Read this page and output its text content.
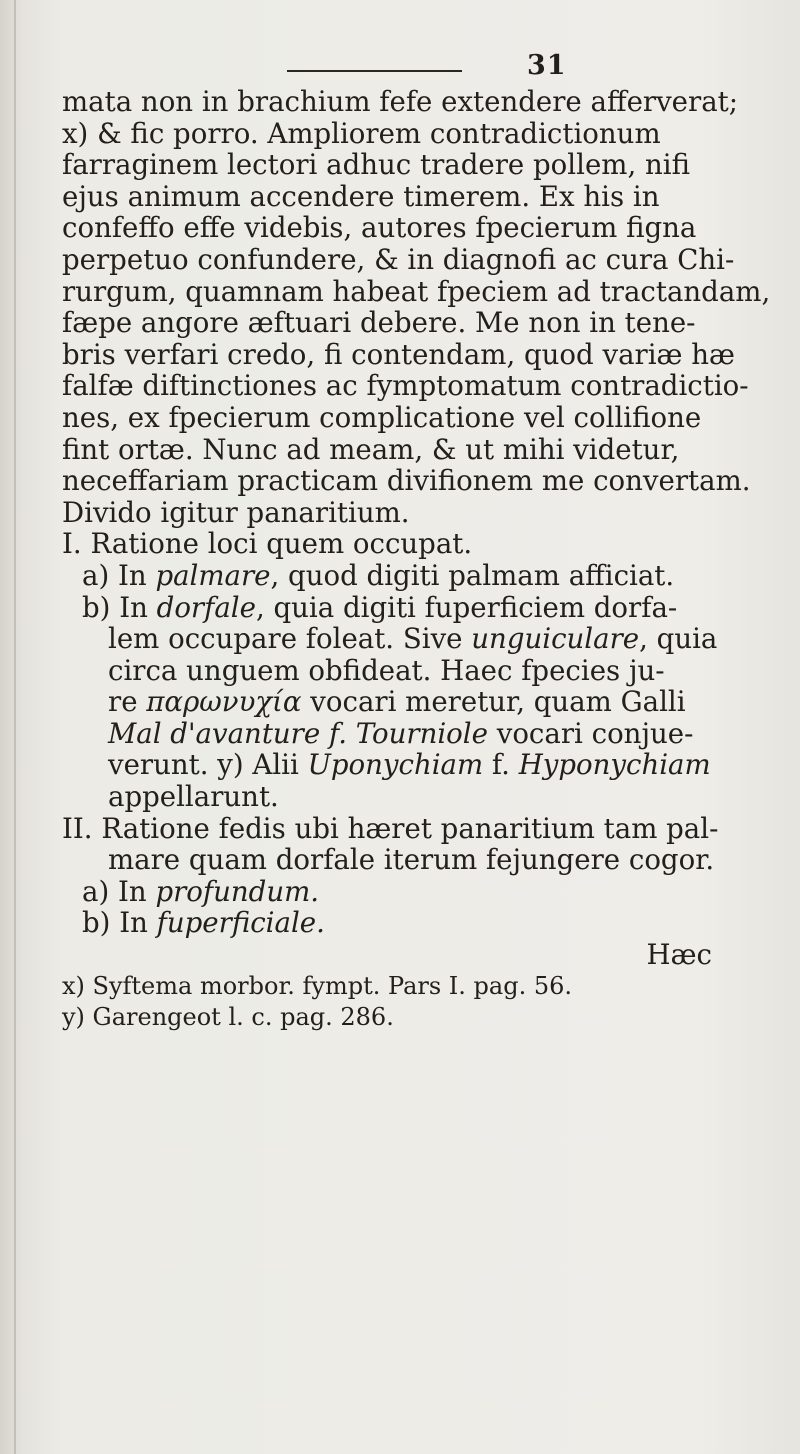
31
mata non in brachium fefe extendere afferverat;
x) & fic porro. Ampliorem contradictionum
farraginem lectori adhuc tradere pollem, nifi
ejus animum accendere timerem. Ex his in
confeffo effe videbis, autores fpecierum figna
perpetuo confundere, & in diagnofi ac cura Chi-
rurgum, quamnam habeat fpeciem ad tractandam,
fæpe angore æftuari debere. Me non in tene-
bris verfari credo, fi contendam, quod variæ hæ
falfæ diftinctiones ac fymptomatum contradictio-
nes, ex fpecierum complicatione vel collifione
fint ortæ. Nunc ad meam, & ut mihi videtur,
neceffariam practicam divifionem me convertam.
Divido igitur panaritium.
I. Ratione loci quem occupat.
a) In palmare, quod digiti palmam afficiat.
b) In dorfale, quia digiti fuperficiem dorfa-
lem occupare foleat. Sive unguiculare, quia
circa unguem obfideat. Haec fpecies ju-
re παρωνυχία vocari meretur, quam Galli
Mal d'avanture f. Tourniole vocari conjue-
verunt. y) Alii Uponychiam f. Hyponychiam
appellarunt.
II. Ratione fedis ubi hæret panaritium tam pal-
mare quam dorfale iterum fejungere cogor.
a) In profundum.
b) In fuperficiale.
Hæc
x) Syftema morbor. fympt. Pars I. pag. 56.
y) Garengeot l. c. pag. 286.
